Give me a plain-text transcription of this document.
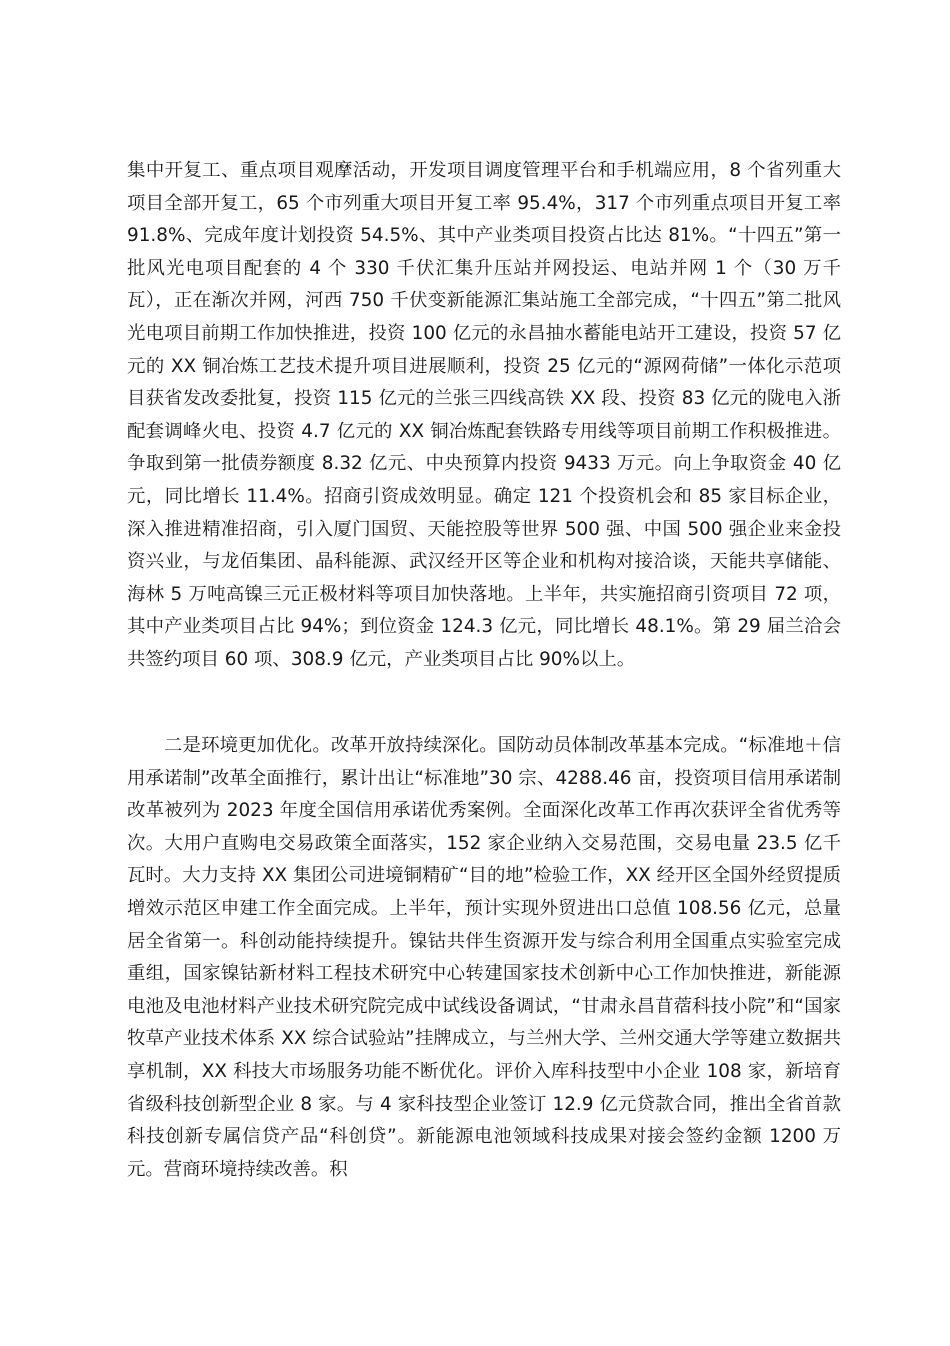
集中开复工、重点项目观摩活动，开发项目调度管理平台和手机端应用，8 个省列重大项目全部开复工，65 个市列重大项目开复工率 95.4%，317 个市列重点项目开复工率 91.8%、完成年度计划投资 54.5%、其中产业类项目投资占比达 81%。“十四五”第一批风光电项目配套的 4 个 330 千伏汇集升压站并网投运、电站并网 1 个（30 万千瓦），正在渐次并网，河西 750 千伏变新能源汇集站施工全部完成，“十四五”第二批风光电项目前期工作加快推进，投资 100 亿元的永昌抽水蓄能电站开工建设，投资 57 亿元的 XX 铜冶炼工艺技术提升项目进展顺利，投资 25 亿元的“源网荷储”一体化示范项目获省发改委批复，投资 115 亿元的兰张三四线高铁 XX 段、投资 83 亿元的陇电入浙配套调峰火电、投资 4.7 亿元的 XX 铜冶炼配套铁路专用线等项目前期工作积极推进。争取到第一批债券额度 8.32 亿元、中央预算内投资 9433 万元。向上争取资金 40 亿元，同比增长 11.4%。招商引资成效明显。确定 121 个投资机会和 85 家目标企业，深入推进精准招商，引入厦门国贸、天能控股等世界 500 强、中国 500 强企业来金投资兴业，与龙佰集团、晶科能源、武汉经开区等企业和机构对接洽谈，天能共享储能、海林 5 万吨高镍三元正极材料等项目加快落地。上半年，共实施招商引资项目 72 项，其中产业类项目占比 94%；到位资金 124.3 亿元，同比增长 48.1%。第 29 届兰洽会共签约项目 60 项、308.9 亿元，产业类项目占比 90%以上。

二是环境更加优化。改革开放持续深化。国防动员体制改革基本完成。“标准地＋信用承诺制”改革全面推行，累计出让“标准地”30 宗、4288.46 亩，投资项目信用承诺制改革被列为 2023 年度全国信用承诺优秀案例。全面深化改革工作再次获评全省优秀等次。大用户直购电交易政策全面落实，152 家企业纳入交易范围，交易电量 23.5 亿千瓦时。大力支持 XX 集团公司进境铜精矿“目的地”检验工作，XX 经开区全国外经贸提质增效示范区申建工作全面完成。上半年，预计实现外贸进出口总值 108.56 亿元，总量居全省第一。科创动能持续提升。镍钴共伴生资源开发与综合利用全国重点实验室完成重组，国家镍钴新材料工程技术研究中心转建国家技术创新中心工作加快推进，新能源电池及电池材料产业技术研究院完成中试线设备调试，“甘肃永昌苜蓿科技小院”和“国家牧草产业技术体系 XX 综合试验站”挂牌成立，与兰州大学、兰州交通大学等建立数据共享机制，XX 科技大市场服务功能不断优化。评价入库科技型中小企业 108 家，新培育省级科技创新型企业 8 家。与 4 家科技型企业签订 12.9 亿元贷款合同，推出全省首款科技创新专属信贷产品“科创贷”。新能源电池领域科技成果对接会签约金额 1200 万元。营商环境持续改善。积
